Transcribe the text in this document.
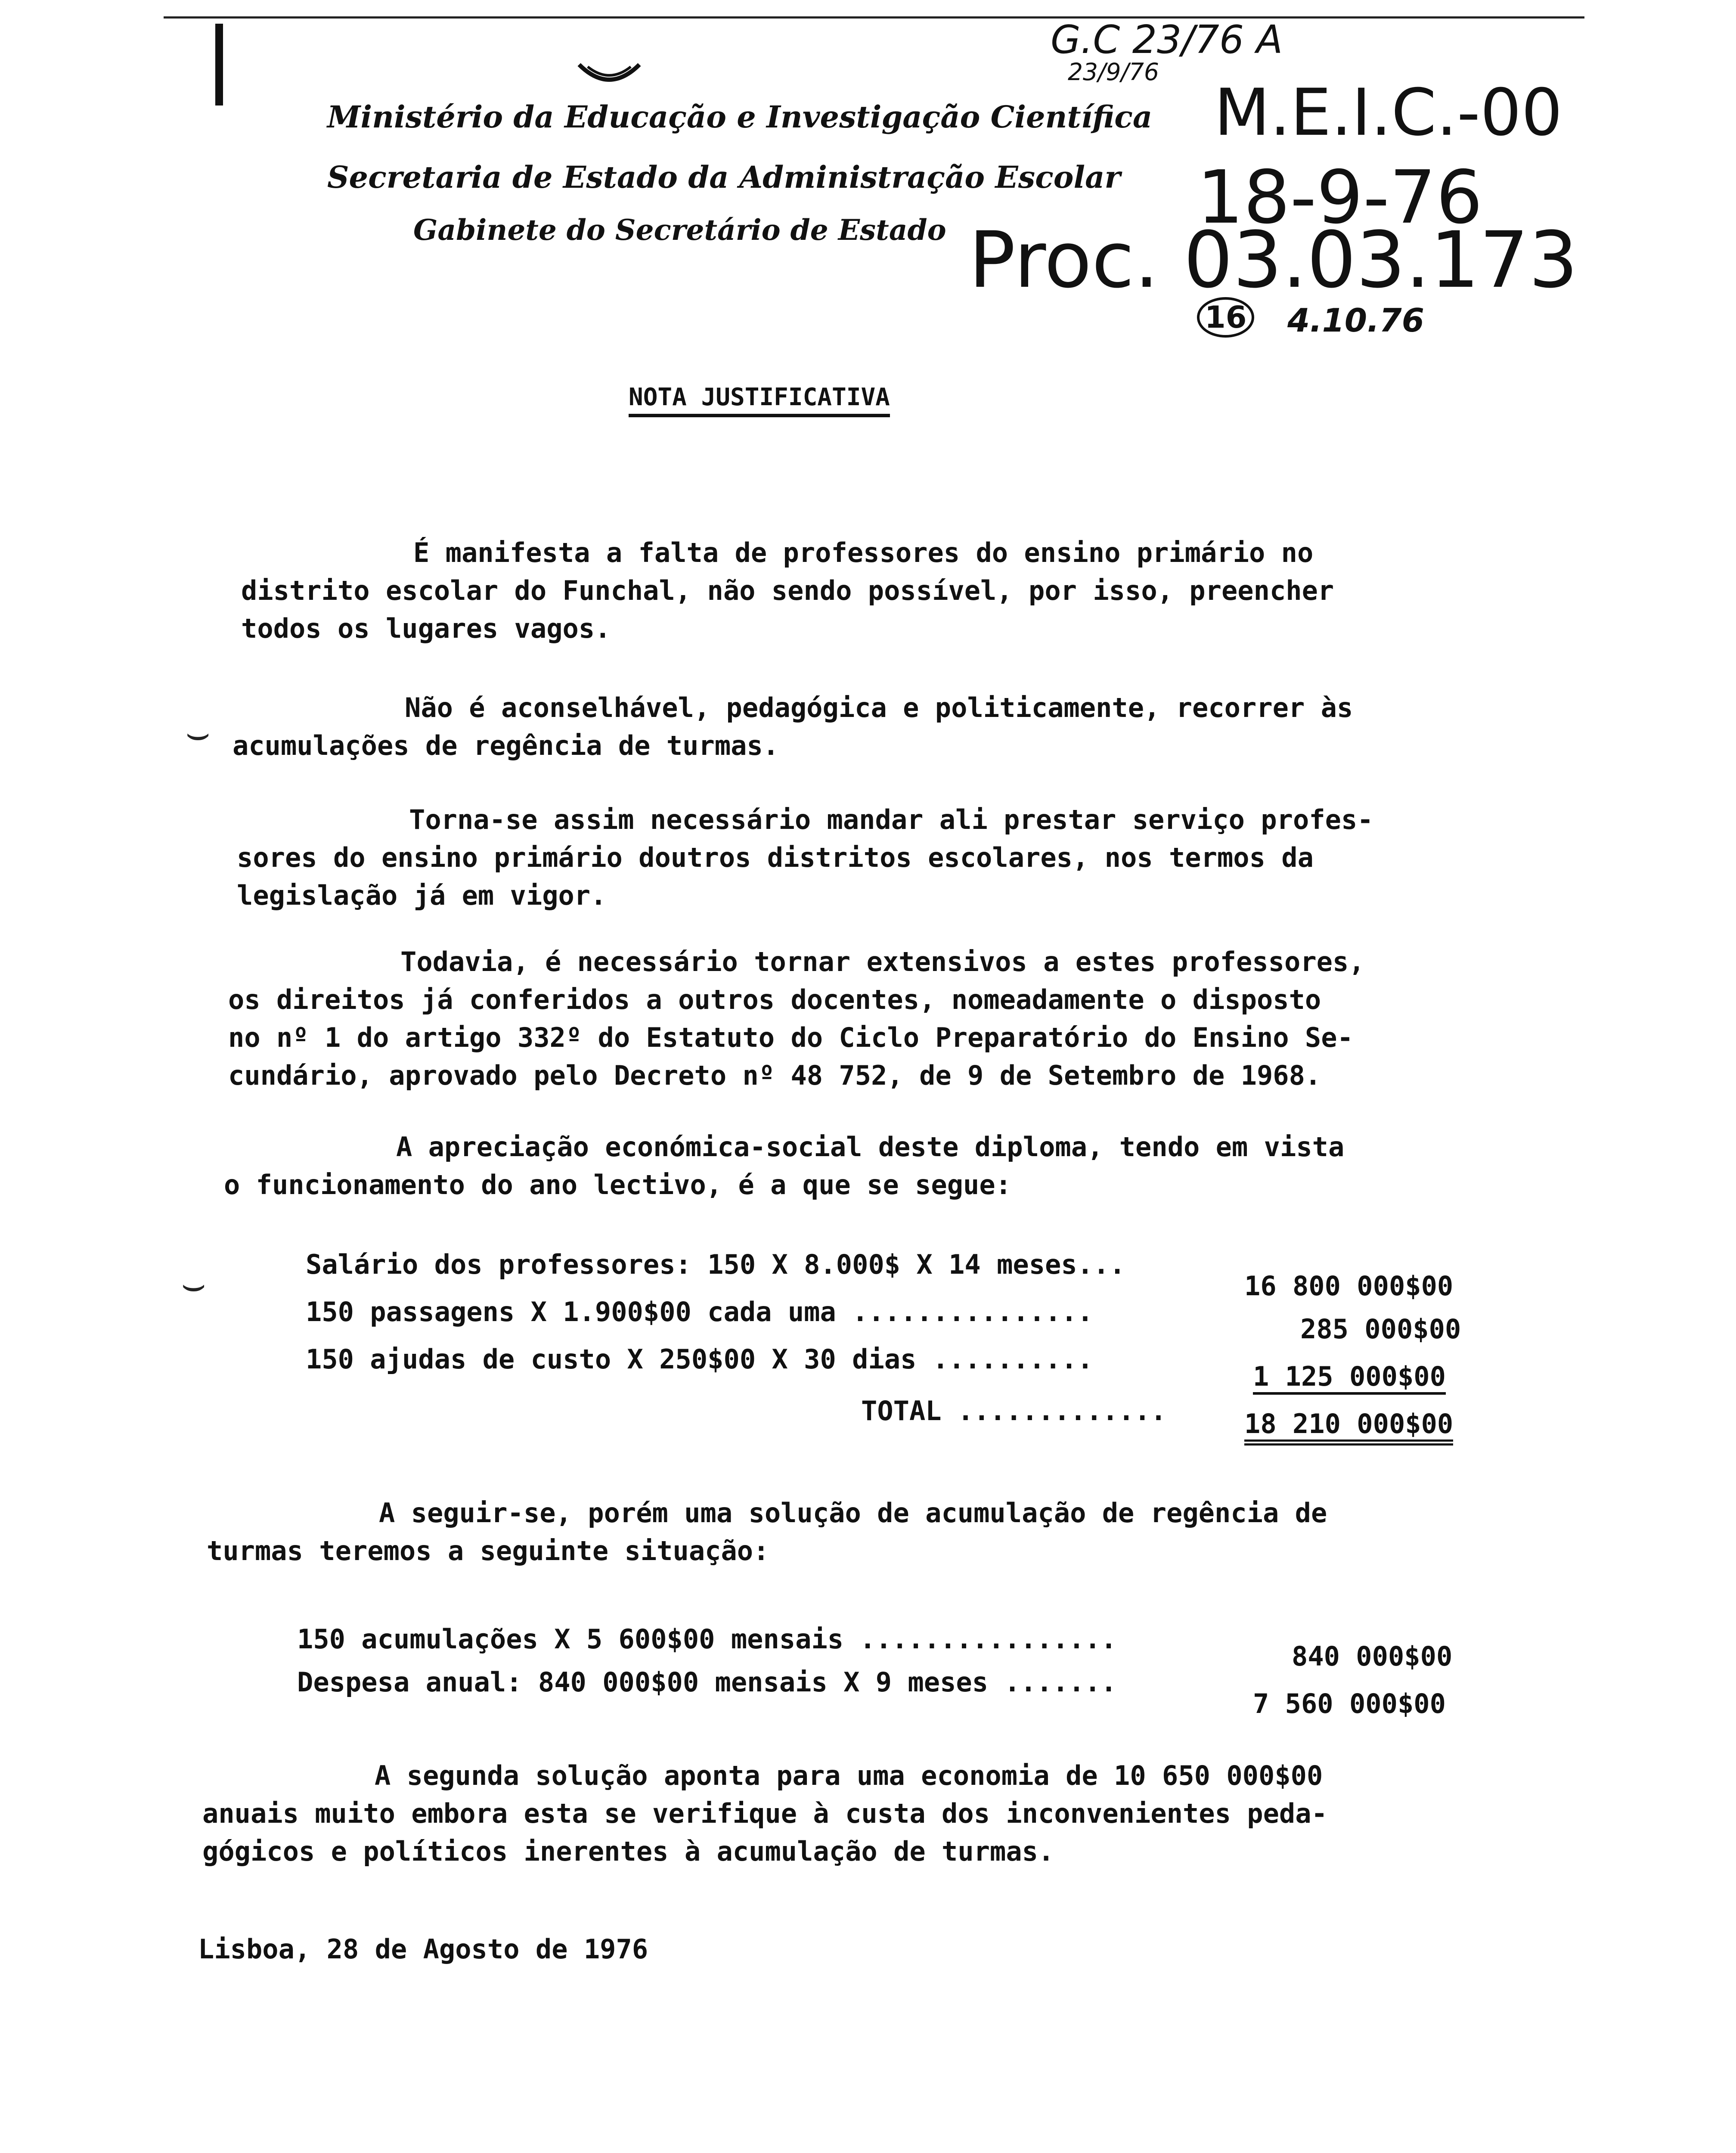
Ministério da Educação e Investigação Científica
Secretaria de Estado da Administração Escolar
Gabinete do Secretário de Estado
G.C 23/76 A
23/9/76
M.E.I.C.-00
18-9-76
Proc. 03.03.173
16 4.10.76
NOTA JUSTIFICATIVA
É manifesta a falta de professores do ensino primário no
distrito escolar do Funchal, não sendo possível, por isso, preencher
todos os lugares vagos.
Não é aconselhável, pedagógica e politicamente, recorrer às
acumulações de regência de turmas.
Torna-se assim necessário mandar ali prestar serviço profes-
sores do ensino primário doutros distritos escolares, nos termos da
legislação já em vigor.
Todavia, é necessário tornar extensivos a estes professores,
os direitos já conferidos a outros docentes, nomeadamente o disposto
no nº 1 do artigo 332º do Estatuto do Ciclo Preparatório do Ensino Se-
cundário, aprovado pelo Decreto nº 48 752, de 9 de Setembro de 1968.
A apreciação económica-social deste diploma, tendo em vista
o funcionamento do ano lectivo, é a que se segue:
Salário dos professores: 150 X 8.000$ X 14 meses...
16 800 000$00
150 passagens X 1.900$00 cada uma ...............
285 000$00
150 ajudas de custo X 250$00 X 30 dias ..........
1 125 000$00
TOTAL .............	18 210 000$00
A seguir-se, porém uma solução de acumulação de regência de
turmas teremos a seguinte situação:
150 acumulações X 5 600$00 mensais ................
840 000$00
Despesa anual: 840 000$00 mensais X 9 meses .......
7 560 000$00
A segunda solução aponta para uma economia de 10 650 000$00
anuais muito embora esta se verifique à custa dos inconvenientes peda-
gógicos e políticos inerentes à acumulação de turmas.
Lisboa, 28 de Agosto de 1976
⌣
⌣
